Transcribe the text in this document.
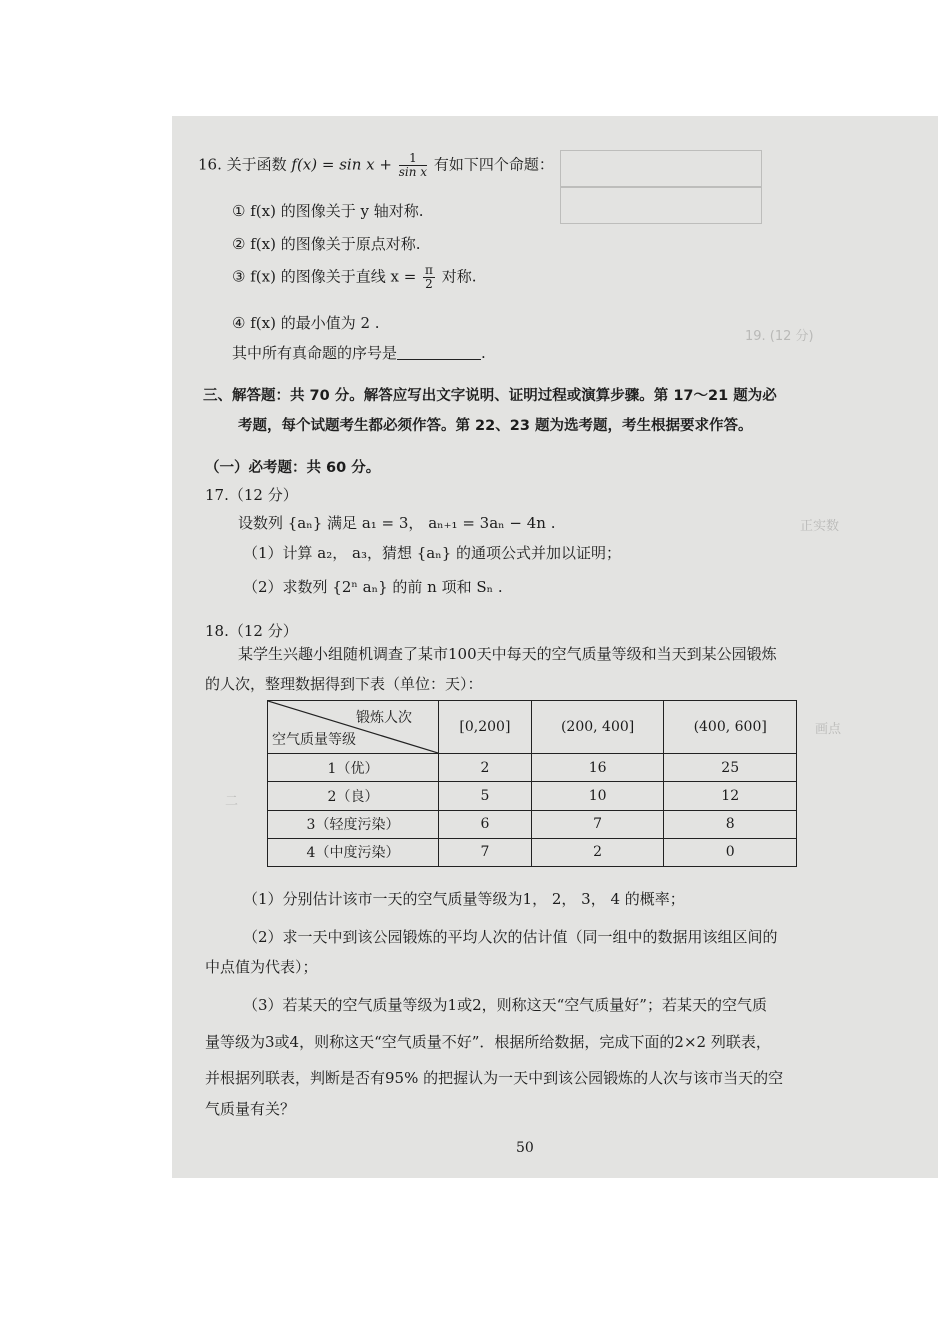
19. (12 分)
正实数
二
画点
16. 关于函数 $f(x) = \sin x + \frac{1}{\text{sin x}}$ 有如下四个命题：
① f(x) 的图像关于 y 轴对称.
② f(x) 的图像关于原点对称.
③ f(x) 的图像关于直线 $x = \frac{\pi}{2}$ 对称.
④ f(x) 的最小值为 2 .
其中所有真命题的序号是	.
三、解答题：共 70 分。解答应写出文字说明、证明过程或演算步骤。第 17～21 题为必
考题，每个试题考生都必须作答。第 22、23 题为选考题，考生根据要求作答。
（一）必考题：共 60 分。
17.（12 分）
设数列 {aₙ} 满足 a₁ = 3， aₙ₊₁ = 3aₙ − 4n .
（1）计算 a₂， a₃，猜想 {aₙ} 的通项公式并加以证明；
（2）求数列 {2ⁿ aₙ} 的前 n 项和 Sₙ .
18.（12 分）
某学生兴趣小组随机调查了某市100天中每天的空气质量等级和当天到某公园锻炼
的人次，整理数据得到下表（单位：天）：
锻炼人次
空气质量等级	[0,200]	(200, 400]	(400, 600]
1（优）	2	16	25
2（良）	5	10	12
3（轻度污染）	6	7	8
4（中度污染）	7	2	0
（1）分别估计该市一天的空气质量等级为1， 2， 3， 4 的概率；
（2）求一天中到该公园锻炼的平均人次的估计值（同一组中的数据用该组区间的
中点值为代表）；
（3）若某天的空气质量等级为1或2，则称这天“空气质量好”；若某天的空气质
量等级为3或4，则称这天“空气质量不好”．根据所给数据，完成下面的2×2 列联表，
并根据列联表，判断是否有95% 的把握认为一天中到该公园锻炼的人次与该市当天的空
气质量有关？
50
